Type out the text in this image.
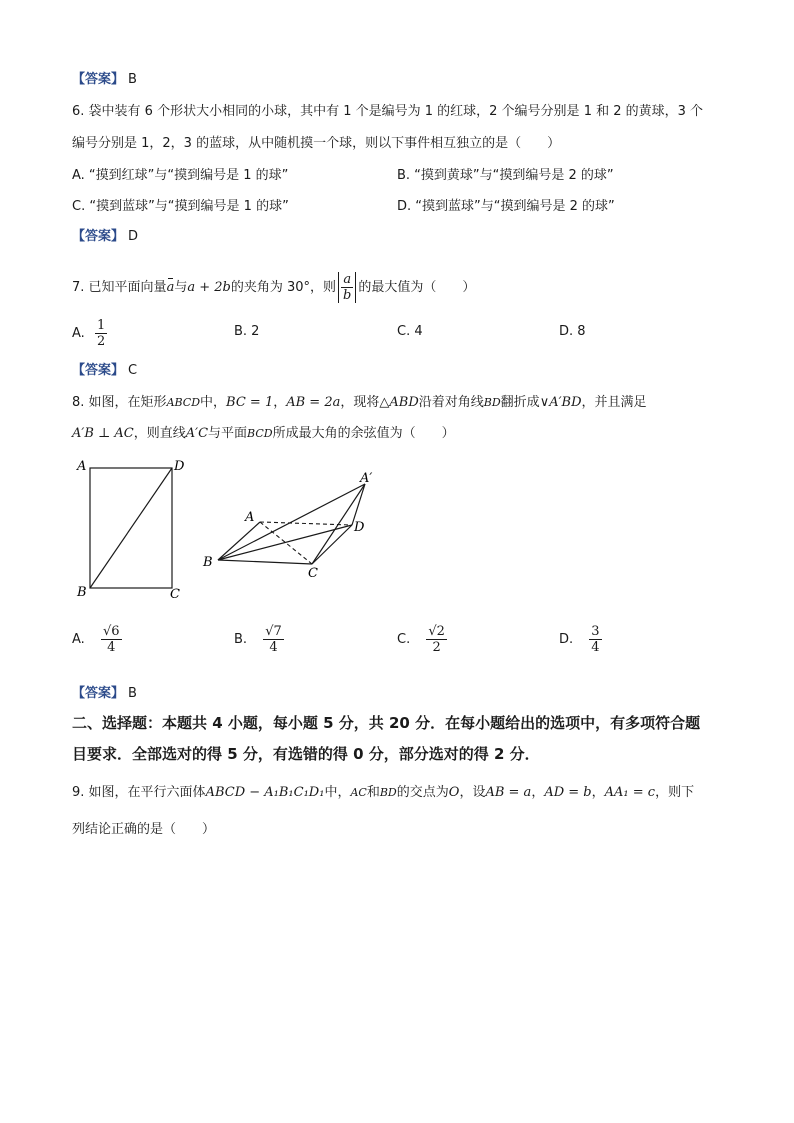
【答案】 B
6. 袋中装有 6 个形状大小相同的小球，其中有 1 个是编号为 1 的红球，2 个编号分别是 1 和 2 的黄球，3 个
编号分别是 1，2，3 的蓝球，从中随机摸一个球，则以下事件相互独立的是（　　）
A. “摸到红球”与“摸到编号是 1 的球”	B. “摸到黄球”与“摸到编号是 2 的球”
C. “摸到蓝球”与“摸到编号是 1 的球”	D. “摸到蓝球”与“摸到编号是 2 的球”
【答案】 D
7. 已知平面向量a与a + 2b的夹角为 30°，则 $\frac{a}{b}$ 的最大值为（　　）
A. $\frac{1}{2}$	B. 2	C. 4	D. 8
【答案】 C
8. 如图，在矩形ABCD中，BC = 1，AB = 2a，现将△ABD沿着对角线BD翻折成∨A′BD，并且满足
A′B ⊥ AC，则直线A′C与平面BCD所成最大角的余弦值为（　　）
A	D
B	C
A
B
C
D
A′
A. $\frac{√6}{4}$	B. $\frac{√7}{4}$	C. $\frac{√2}{2}$	D. $\frac{3}{4}$
【答案】 B
二、选择题：本题共 4 小题，每小题 5 分，共 20 分．在每小题给出的选项中，有多项符合题
目要求．全部选对的得 5 分，有选错的得 0 分，部分选对的得 2 分．
9. 如图，在平行六面体ABCD − A₁B₁C₁D₁中，AC和BD的交点为O，设AB = a，AD = b，AA₁ = c，则下
列结论正确的是（　　）
